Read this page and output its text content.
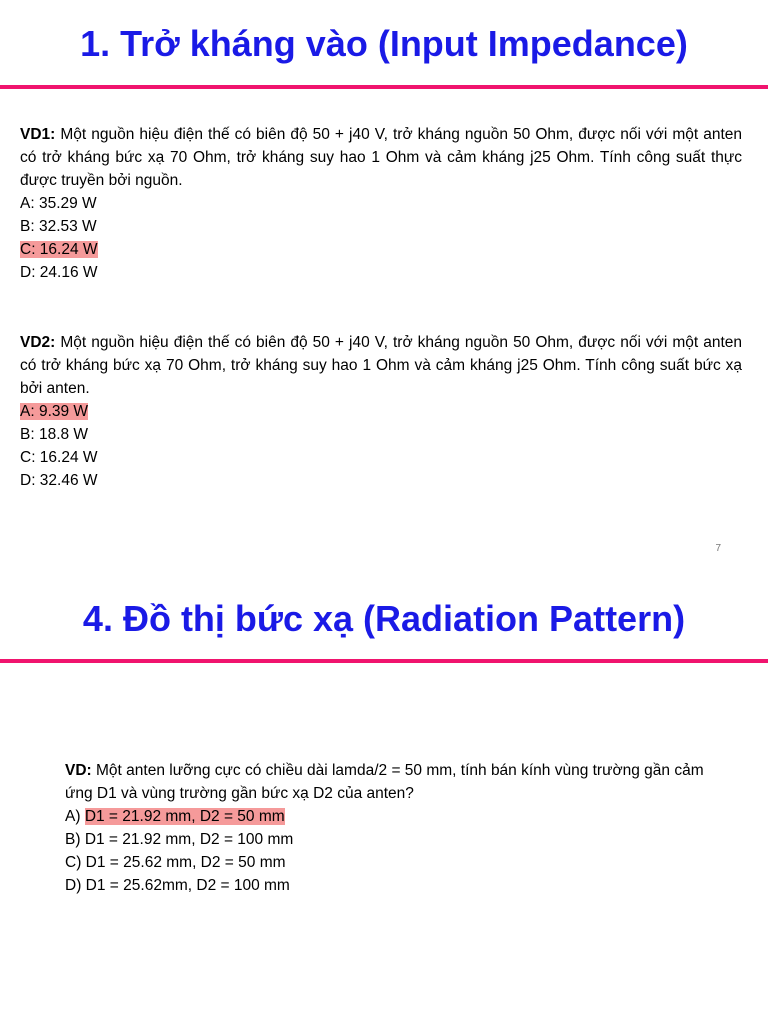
1. Trở kháng vào (Input Impedance)
VD1: Một nguồn hiệu điện thế có biên độ 50 + j40 V, trở kháng nguồn 50 Ohm, được nối với một anten có trở kháng bức xạ 70 Ohm, trở kháng suy hao 1 Ohm và cảm kháng j25 Ohm. Tính công suất thực được truyền bởi nguồn.
A: 35.29 W
B: 32.53 W
C: 16.24 W
D: 24.16 W
VD2: Một nguồn hiệu điện thế có biên độ 50 + j40 V, trở kháng nguồn 50 Ohm, được nối với một anten có trở kháng bức xạ 70 Ohm, trở kháng suy hao 1 Ohm và cảm kháng j25 Ohm. Tính công suất bức xạ bởi anten.
A: 9.39 W
B: 18.8 W
C: 16.24 W
D: 32.46 W
7
4. Đồ thị bức xạ (Radiation Pattern)
VD: Một anten lưỡng cực có chiều dài lamda/2 = 50 mm, tính bán kính vùng trường gần cảm ứng D1 và vùng trường gần bức xạ D2 của anten?
A) D1 = 21.92 mm, D2 = 50 mm
B) D1 = 21.92 mm, D2 = 100 mm
C) D1 = 25.62 mm, D2 = 50 mm
D) D1 = 25.62mm, D2 = 100 mm
